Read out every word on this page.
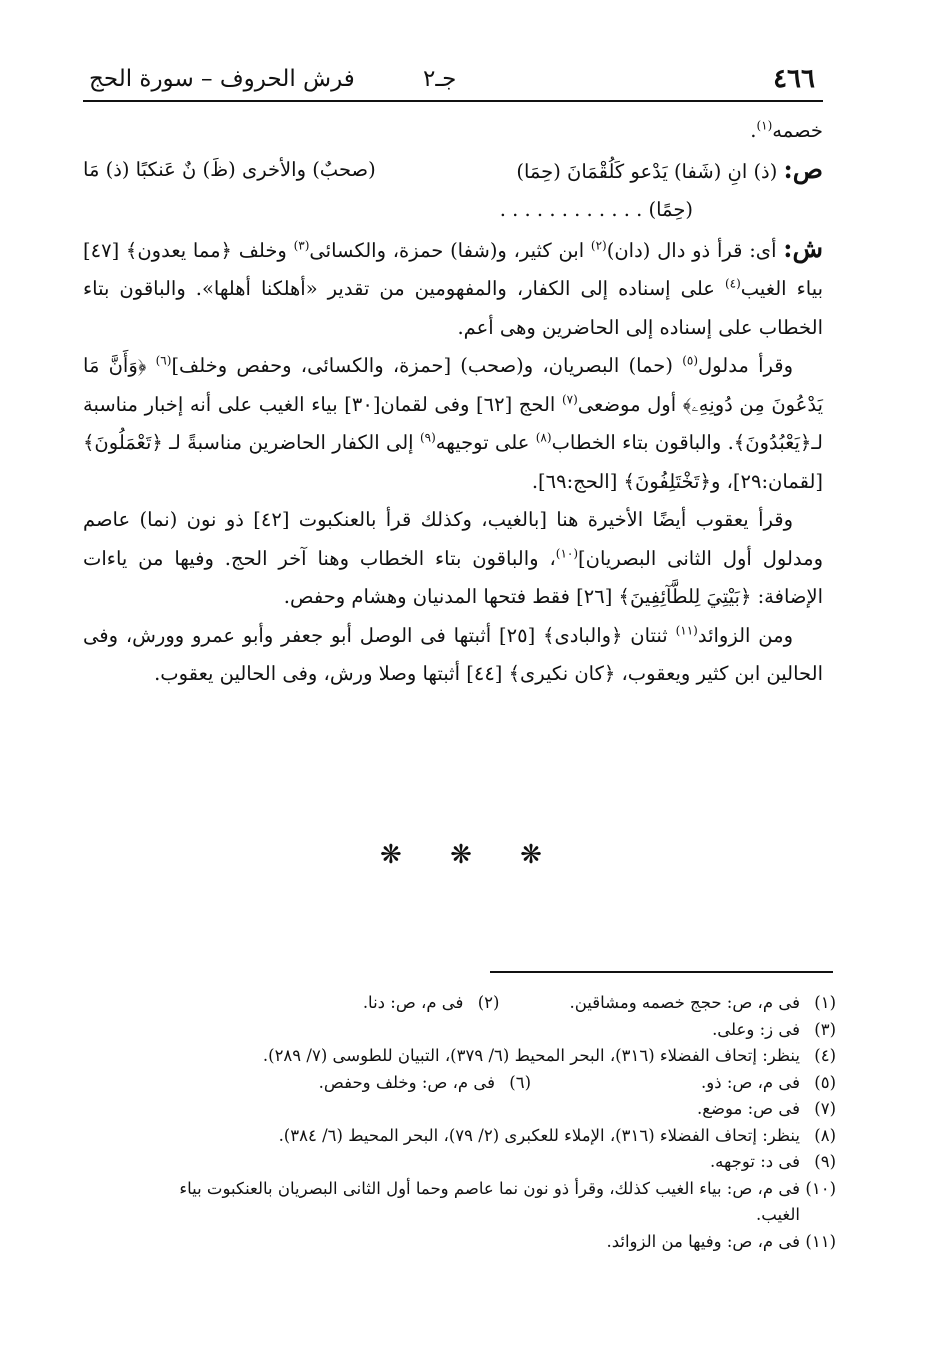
٤٦٦
جـ٢
فرش الحروف – سورة الحج

خصمه$^{(١)}$.

ص: (ذ) انِ (شَفا) يَدْعو كَلُقْمَانَ (حِمَا)
(صحبٌ) والأخرى (ظَ) نٌ عَنكبًا (ذ) مَا

(حِمًا) . . . . . . . . . . . .

ش: أى: قرأ ذو دال (دان)$^{(٢)}$ ابن كثير، و(شفا) حمزة، والكسائى$^{(٣)}$ وخلف ﴿مما يعدون﴾ [٤٧] بياء الغيب$^{(٤)}$ على إسناده إلى الكفار، والمفهومين من تقدير «أهلكنا أهلها». والباقون بتاء الخطاب على إسناده إلى الحاضرين وهى أعم.

وقرأ مدلول$^{(٥)}$ (حما) البصريان، و(صحب) [حمزة، والكسائى، وحفص وخلف]$^{(٦)}$ ﴿وَأَنَّ مَا يَدْعُونَ مِن دُونِهِۦ﴾ أول موضعى$^{(٧)}$ الحج [٦٢] وفى لقمان[٣٠] بياء الغيب على أنه إخبار مناسبة لـ﴿يَعْبُدُونَ﴾. والباقون بتاء الخطاب$^{(٨)}$ على توجيهه$^{(٩)}$ إلى الكفار الحاضرين مناسبةً لـ ﴿تَعْمَلُونَ﴾ [لقمان:٢٩]، و﴿تَخْتَلِفُونَ﴾ [الحج:٦٩].

وقرأ يعقوب أيضًا الأخيرة هنا [بالغيب، وكذلك قرأ بالعنكبوت [٤٢] ذو نون (نما) عاصم ومدلول أول الثانى البصريان]$^{(١٠)}$، والباقون بتاء الخطاب وهنا آخر الحج. وفيها من ياءات الإضافة: ﴿بَيْتِيَ لِلطَّآئِفِينَ﴾ [٢٦] فقط فتحها المدنيان وهشام وحفص.

ومن الزوائد$^{(١١)}$ ثنتان ﴿والبادى﴾ [٢٥] أثبتها فى الوصل أبو جعفر وأبو عمرو وورش، وفى الحالين ابن كثير ويعقوب، ﴿كان نكيرى﴾ [٤٤] أثبتها وصلا ورش، وفى الحالين يعقوب.

❋ ❋ ❋
(١)فى م، ص: حجج خصمه ومشاقين.
(٢)فى م، ص: دنا.
(٣)فى ز: وعلى.
(٤)ينظر: إتحاف الفضلاء (٣١٦)، البحر المحيط (٦/ ٣٧٩)، التبيان للطوسى (٧/ ٢٨٩).
(٥)فى م، ص: ذو.
(٦)فى م، ص: وخلف وحفص.
(٧)فى ص: موضع.
(٨)ينظر: إتحاف الفضلاء (٣١٦)، الإملاء للعكبرى (٢/ ٧٩)، البحر المحيط (٦/ ٣٨٤).
(٩)فى د: توجهه.
(١٠)فى م، ص: بياء الغيب كذلك، وقرأ ذو نون نما عاصم وحما أول الثانى البصريان بالعنكبوت بياء
الغيب.
(١١)فى م، ص: وفيها من الزوائد.
